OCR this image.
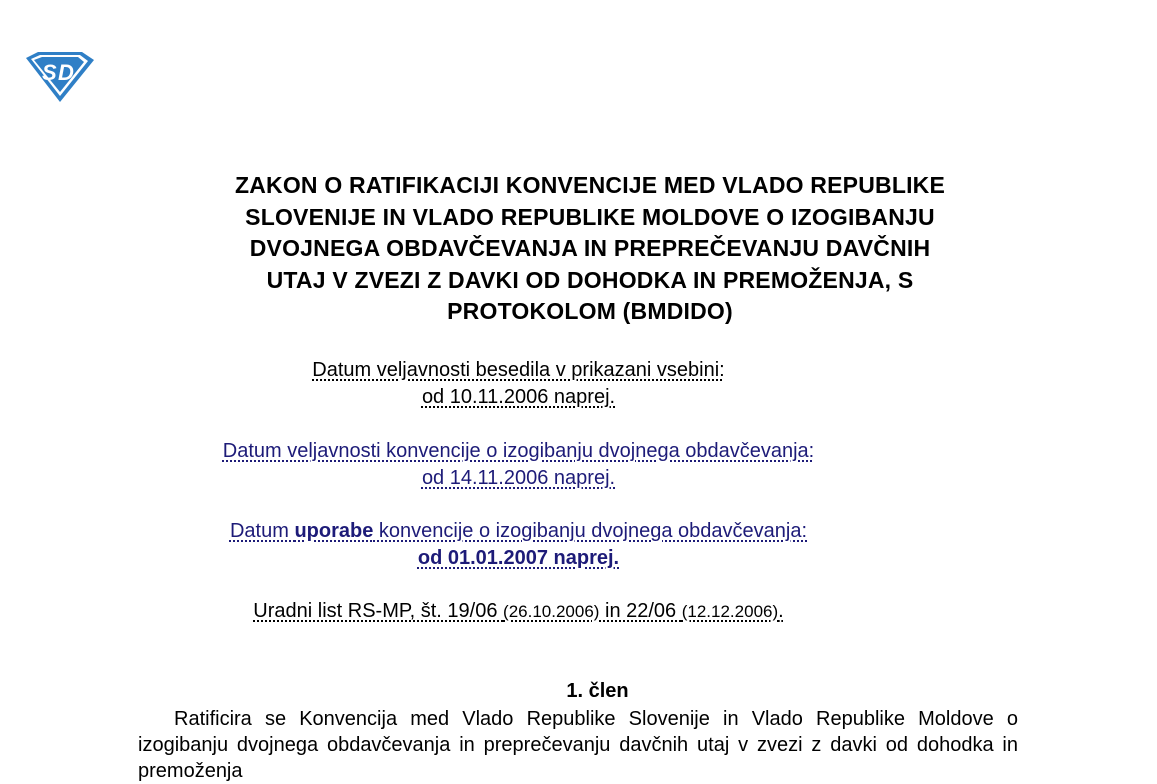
S D
ZAKON O RATIFIKACIJI KONVENCIJE MED VLADO REPUBLIKE
SLOVENIJE IN VLADO REPUBLIKE MOLDOVE O IZOGIBANJU
DVOJNEGA OBDAVČEVANJA IN PREPREČEVANJU DAVČNIH
UTAJ V ZVEZI Z DAVKI OD DOHODKA IN PREMOŽENJA, S
PROTOKOLOM (BMDIDO)
Datum veljavnosti besedila v prikazani vsebini:
od 10.11.2006 naprej.
Datum veljavnosti konvencije o izogibanju dvojnega obdavčevanja:
od 14.11.2006 naprej.
Datum uporabe konvencije o izogibanju dvojnega obdavčevanja:
od 01.01.2007 naprej.
Uradni list RS-MP, št. 19/06 (26.10.2006) in 22/06 (12.12.2006).
1. člen
Ratificira se Konvencija med Vlado Republike Slovenije in Vlado Republike Moldove o izogibanju dvojnega obdavčevanja in preprečevanju davčnih utaj v zvezi z davki od dohodka in premoženja
